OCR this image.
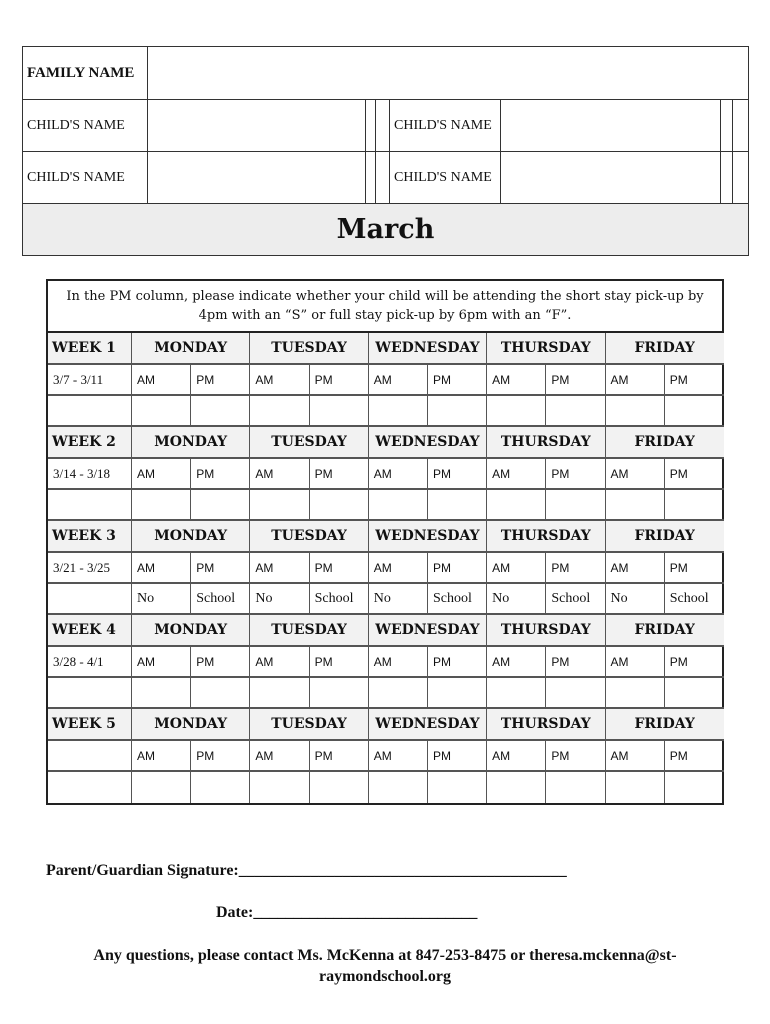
FAMILY NAME							
CHILD'S NAME				CHILD'S NAME			
CHILD'S NAME				CHILD'S NAME			
March							
In the PM column, please indicate whether your child will be attending the short stay pick-up by 4pm with an “S” or full stay pick-up by 6pm with an “F”.
WEEK 1	MONDAY	TUESDAY	WEDNESDAY	THURSDAY	FRIDAY
3/7 - 3/11	AM	PM	AM	PM	AM	PM	AM	PM	AM	PM
WEEK 2	MONDAY	TUESDAY	WEDNESDAY	THURSDAY	FRIDAY
3/14 - 3/18	AM	PM	AM	PM	AM	PM	AM	PM	AM	PM
WEEK 3	MONDAY	TUESDAY	WEDNESDAY	THURSDAY	FRIDAY
3/21 - 3/25	AM	PM	AM	PM	AM	PM	AM	PM	AM	PM
No	School	No	School	No	School	No	School	No	School
WEEK 4	MONDAY	TUESDAY	WEDNESDAY	THURSDAY	FRIDAY
3/28 - 4/1	AM	PM	AM	PM	AM	PM	AM	PM	AM	PM
WEEK 5	MONDAY	TUESDAY	WEDNESDAY	THURSDAY	FRIDAY
AM	PM	AM	PM	AM	PM	AM	PM	AM	PM
Parent/Guardian Signature:_________________________________________
Date:____________________________
Any questions, please contact Ms. McKenna at 847-253-8475 or theresa.mckenna@st-raymondschool.org
